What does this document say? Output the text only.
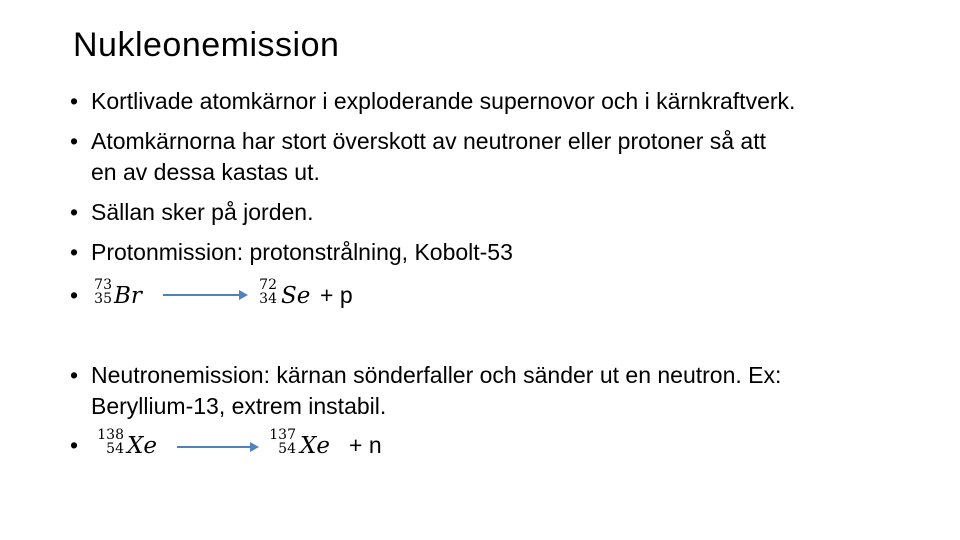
Nukleonemission
• Kortlivade atomkärnor i exploderande supernovor och i kärnkraftverk.
• Atomkärnorna har stort överskott av neutroner eller protoner så att
en av dessa kastas ut.
• Sällan sker på jorden.
• Protonmission: protonstrålning, Kobolt-53
•	73
35 Br →
72
34 Se + p
• Neutronemission: kärnan sönderfaller och sänder ut en neutron. Ex:
Beryllium-13, extrem instabil.
•	138
54 Xe →
137
54 Xe + n
